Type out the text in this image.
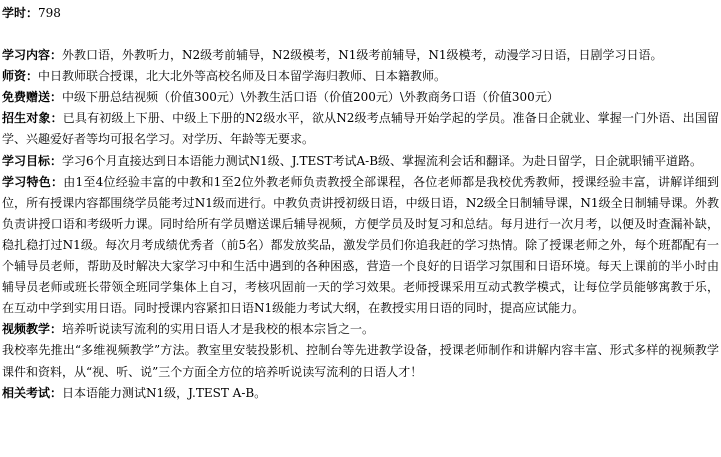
学时：798
学习内容：外教口语，外教听力，N2级考前辅导，N2级模考，N1级考前辅导，N1级模考，动漫学习日语，日剧学习日语。
师资：中日教师联合授课，北大北外等高校名师及日本留学海归教师、日本籍教师。
免费赠送：中级下册总结视频（价值300元）\外教生活口语（价值200元）\外教商务口语（价值300元）
招生对象：已具有初级上下册、中级上下册的N2级水平，欲从N2级考点辅导开始学起的学员。准备日企就业、掌握一门外语、出国留学、兴趣爱好者等均可报名学习。对学历、年龄等无要求。
学习目标：学习6个月直接达到日本语能力测试N1级、J.TEST考试A-B级、掌握流利会话和翻译。为赴日留学，日企就职铺平道路。
学习特色：由1至4位经验丰富的中教和1至2位外教老师负责教授全部课程，各位老师都是我校优秀教师，授课经验丰富，讲解详细到位，所有授课内容都围绕学员能考过N1级而进行。中教负责讲授初级日语，中级日语，N2级全日制辅导课，N1级全日制辅导课。外教负责讲授口语和考级听力课。同时给所有学员赠送课后辅导视频，方便学员及时复习和总结。每月进行一次月考，以便及时查漏补缺，稳扎稳打过N1级。每次月考成绩优秀者（前5名）都发放奖品，激发学员们你追我赶的学习热情。除了授课老师之外，每个班都配有一个辅导员老师，帮助及时解决大家学习中和生活中遇到的各种困惑，营造一个良好的日语学习氛围和日语环境。每天上课前的半小时由辅导员老师或班长带领全班同学集体上自习，考核巩固前一天的学习效果。老师授课采用互动式教学模式，让每位学员能够寓教于乐，在互动中学到实用日语。同时授课内容紧扣日语N1级能力考试大纲，在教授实用日语的同时，提高应试能力。
视频教学：培养听说读写流利的实用日语人才是我校的根本宗旨之一。
我校率先推出“多维视频教学”方法。教室里安装投影机、控制台等先进教学设备，授课老师制作和讲解内容丰富、形式多样的视频教学课件和资料，从“视、听、说”三个方面全方位的培养听说读写流利的日语人才！
相关考试：日本语能力测试N1级，J.TEST A-B。
